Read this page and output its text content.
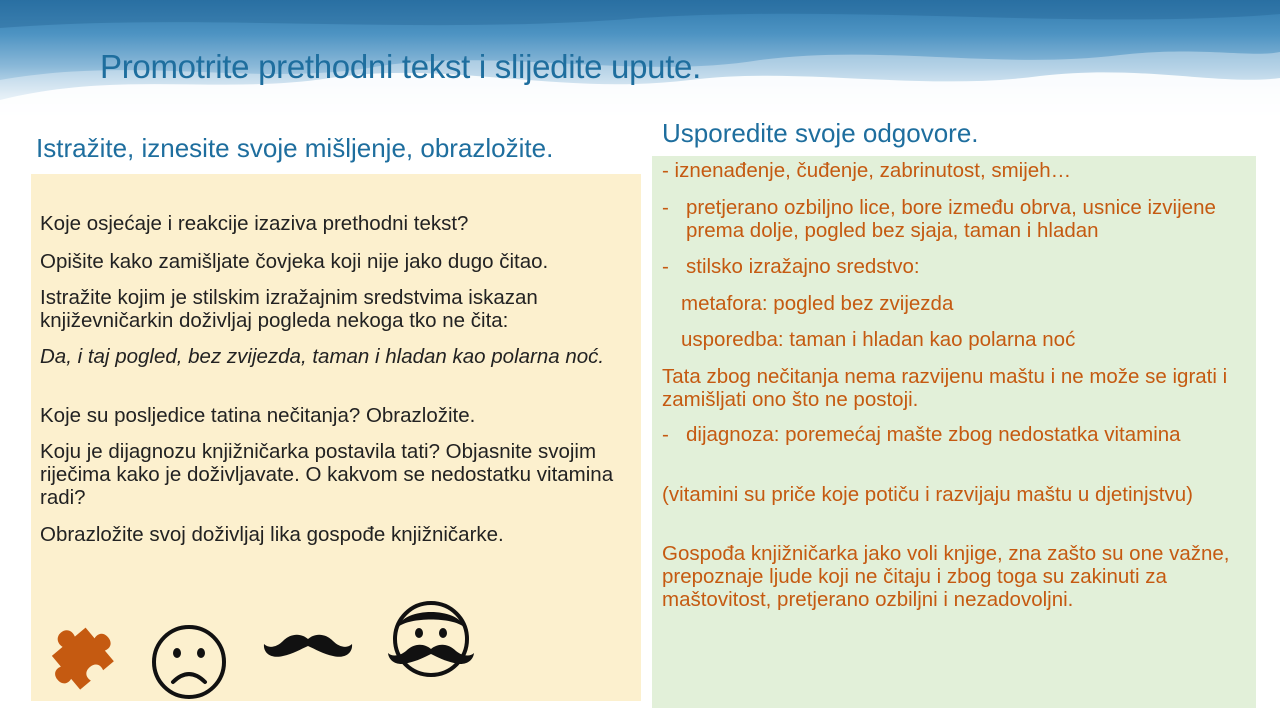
Promotrite prethodni tekst i slijedite upute.
Istražite, iznesite svoje mišljenje, obrazložite.	Usporedite svoje odgovore.

Koje osjećaje i reakcije izaziva prethodni tekst?

Opišite kako zamišljate čovjeka koji nije jako dugo čitao.

Istražite kojim je stilskim izražajnim sredstvima iskazan književničarkin doživljaj pogleda nekoga tko ne čita:

Da, i taj pogled, bez zvijezda, taman i hladan kao polarna noć.

Koje su posljedice tatina nečitanja? Obrazložite.

Koju je dijagnozu knjižničarka postavila tati? Objasnite svojim riječima kako je doživljavate. O kakvom se nedostatku vitamina radi?

Obrazložite svoj doživljaj lika gospođe knjižničarke.

- iznenađenje, čuđenje, zabrinutost, smijeh…

- pretjerano ozbiljno lice, bore između obrva, usnice izvijene prema dolje, pogled bez sjaja, taman i hladan

- stilsko izražajno sredstvo:

metafora: pogled bez zvijezda

usporedba: taman i hladan kao polarna noć

Tata zbog nečitanja nema razvijenu maštu i ne može se igrati i zamišljati ono što ne postoji.

- dijagnoza: poremećaj mašte zbog nedostatka vitamina

(vitamini su priče koje potiču i razvijaju maštu u djetinjstvu)

Gospođa knjižničarka jako voli knjige, zna zašto su one važne, prepoznaje ljude koji ne čitaju i zbog toga su zakinuti za maštovitost, pretjerano ozbiljni i nezadovoljni.
